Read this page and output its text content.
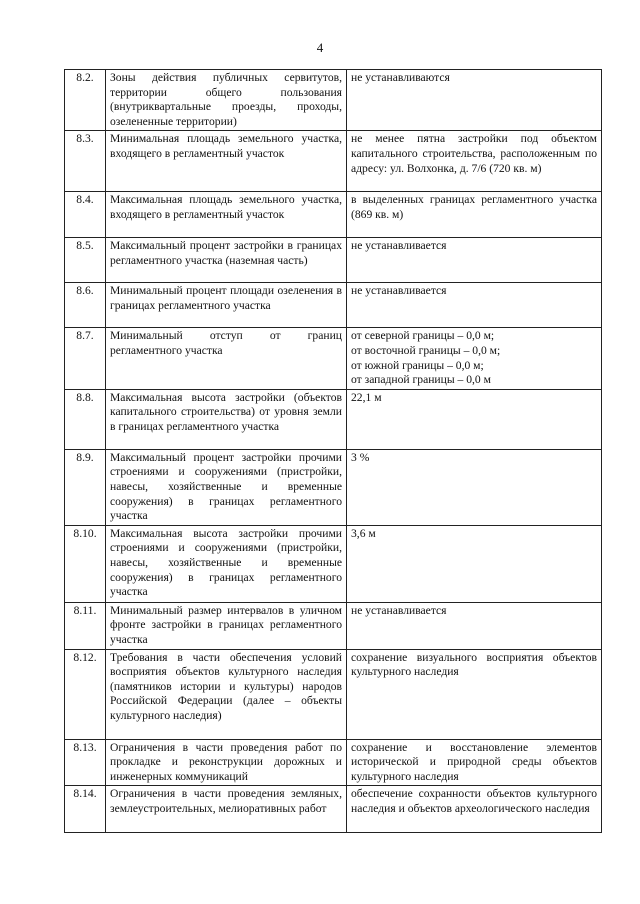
4
8.2.	Зоны действия публичных сервитутов, территории общего пользования (внутриквартальные проезды, проходы, озелененные территории)	не устанавливаются
8.3.	Минимальная площадь земельного участка, входящего в регламентный участок	не менее пятна застройки под объектом капитального строительства, расположенным по адресу: ул. Волхонка, д. 7/6 (720 кв. м)
8.4.	Максимальная площадь земельного участка, входящего в регламентный участок	в выделенных границах регламентного участка (869 кв. м)
8.5.	Максимальный процент застройки в границах регламентного участка (наземная часть)	не устанавливается
8.6.	Минимальный процент площади озеленения в границах регламентного участка	не устанавливается
8.7.	Минимальный отступ от границ регламентного участка	от северной границы – 0,0 м;
от восточной границы – 0,0 м;
от южной границы – 0,0 м;
от западной границы – 0,0 м

8.8.	Максимальная высота застройки (объектов капитального строительства) от уровня земли в границах регламентного участка	22,1 м
8.9.	Максимальный процент застройки прочими строениями и сооружениями (пристройки, навесы, хозяйственные и временные сооружения) в границах регламентного участка	3 %
8.10.	Максимальная высота застройки прочими строениями и сооружениями (пристройки, навесы, хозяйственные и временные сооружения) в границах регламентного участка	3,6 м
8.11.	Минимальный размер интервалов в уличном фронте застройки в границах регламентного участка	не устанавливается
8.12.	Требования в части обеспечения условий восприятия объектов культурного наследия (памятников истории и культуры) народов Российской Федерации (далее – объекты культурного наследия)	сохранение визуального восприятия объектов культурного наследия
8.13.	Ограничения в части проведения работ по прокладке и реконструкции дорожных и инженерных коммуникаций	сохранение и восстановление элементов исторической и природной среды объектов культурного наследия
8.14.	Ограничения в части проведения земляных, землеустроительных, мелиоративных работ	обеспечение сохранности объектов культурного наследия и объектов археологического наследия
